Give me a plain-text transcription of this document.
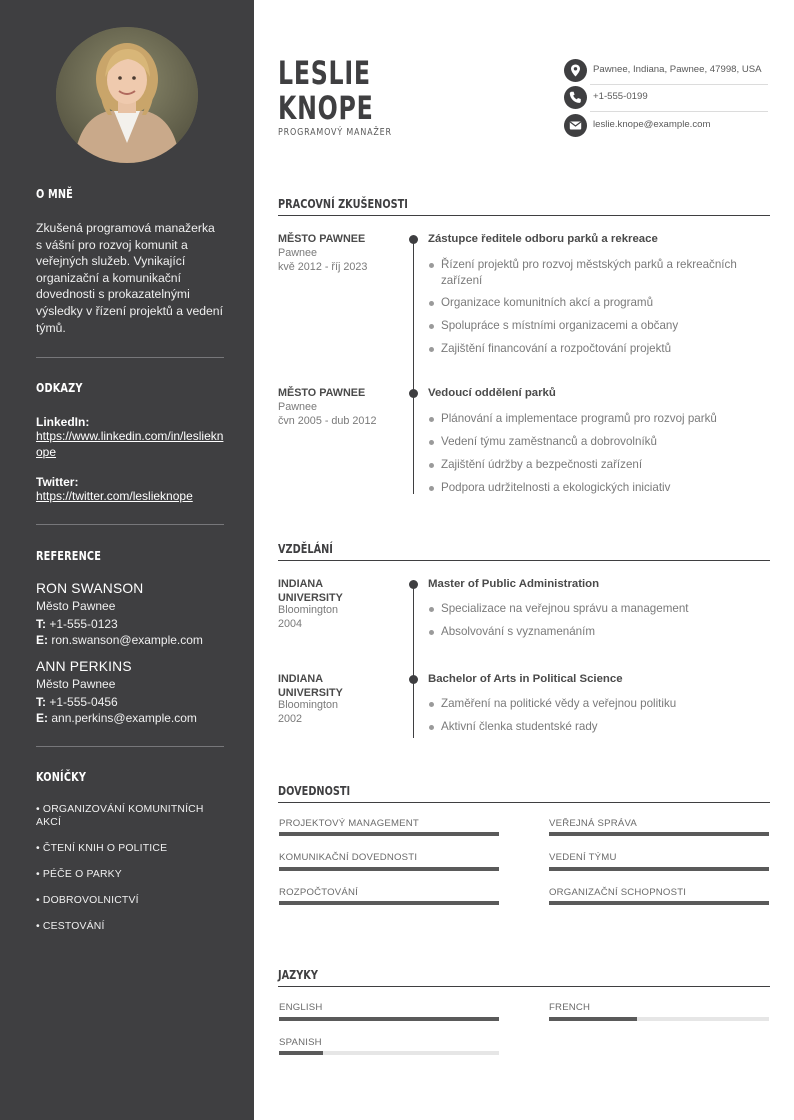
O MNĚ
Zkušená programová manažerka s vášní pro rozvoj komunit a veřejných služeb. Vynikající organizační a komunikační dovednosti s prokazatelnými výsledky v řízení projektů a vedení týmů.
ODKAZY
LinkedIn:
https://www.linkedin.com/in/leslieknope
Twitter:
https://twitter.com/leslieknope
REFERENCE
RON SWANSON
Město Pawnee
T: +1-555-0123
E: ron.swanson@example.com
ANN PERKINS
Město Pawnee
T: +1-555-0456
E: ann.perkins@example.com
KONÍČKY
• ORGANIZOVÁNÍ KOMUNITNÍCH AKCÍ
• ČTENÍ KNIH O POLITICE
• PÉČE O PARKY
• DOBROVOLNICTVÍ
• CESTOVÁNÍ
LESLIE
KNOPE
PROGRAMOVÝ MANAŽER
Pawnee, Indiana, Pawnee, 47998, USA
+1-555-0199
leslie.knope@example.com
PRACOVNÍ ZKUŠENOSTI
MĚSTO PAWNEE
Pawnee
kvě 2012 - říj 2023
Zástupce ředitele odboru parků a rekreace
Řízení projektů pro rozvoj městských parků a rekreačních zařízení
Organizace komunitních akcí a programů
Spolupráce s místními organizacemi a občany
Zajištění financování a rozpočtování projektů
MĚSTO PAWNEE
Pawnee
čvn 2005 - dub 2012
Vedoucí oddělení parků
Plánování a implementace programů pro rozvoj parků
Vedení týmu zaměstnanců a dobrovolníků
Zajištění údržby a bezpečnosti zařízení
Podpora udržitelnosti a ekologických iniciativ
VZDĚLÁNÍ
INDIANA UNIVERSITY
Bloomington
2004
Master of Public Administration
Specializace na veřejnou správu a management
Absolvování s vyznamenáním
INDIANA UNIVERSITY
Bloomington
2002
Bachelor of Arts in Political Science
Zaměření na politické vědy a veřejnou politiku
Aktivní členka studentské rady
DOVEDNOSTI
PROJEKTOVÝ MANAGEMENT	VEŘEJNÁ SPRÁVA
KOMUNIKAČNÍ DOVEDNOSTI	VEDENÍ TÝMU
ROZPOČTOVÁNÍ	ORGANIZAČNÍ SCHOPNOSTI
JAZYKY
ENGLISH	FRENCH
SPANISH
